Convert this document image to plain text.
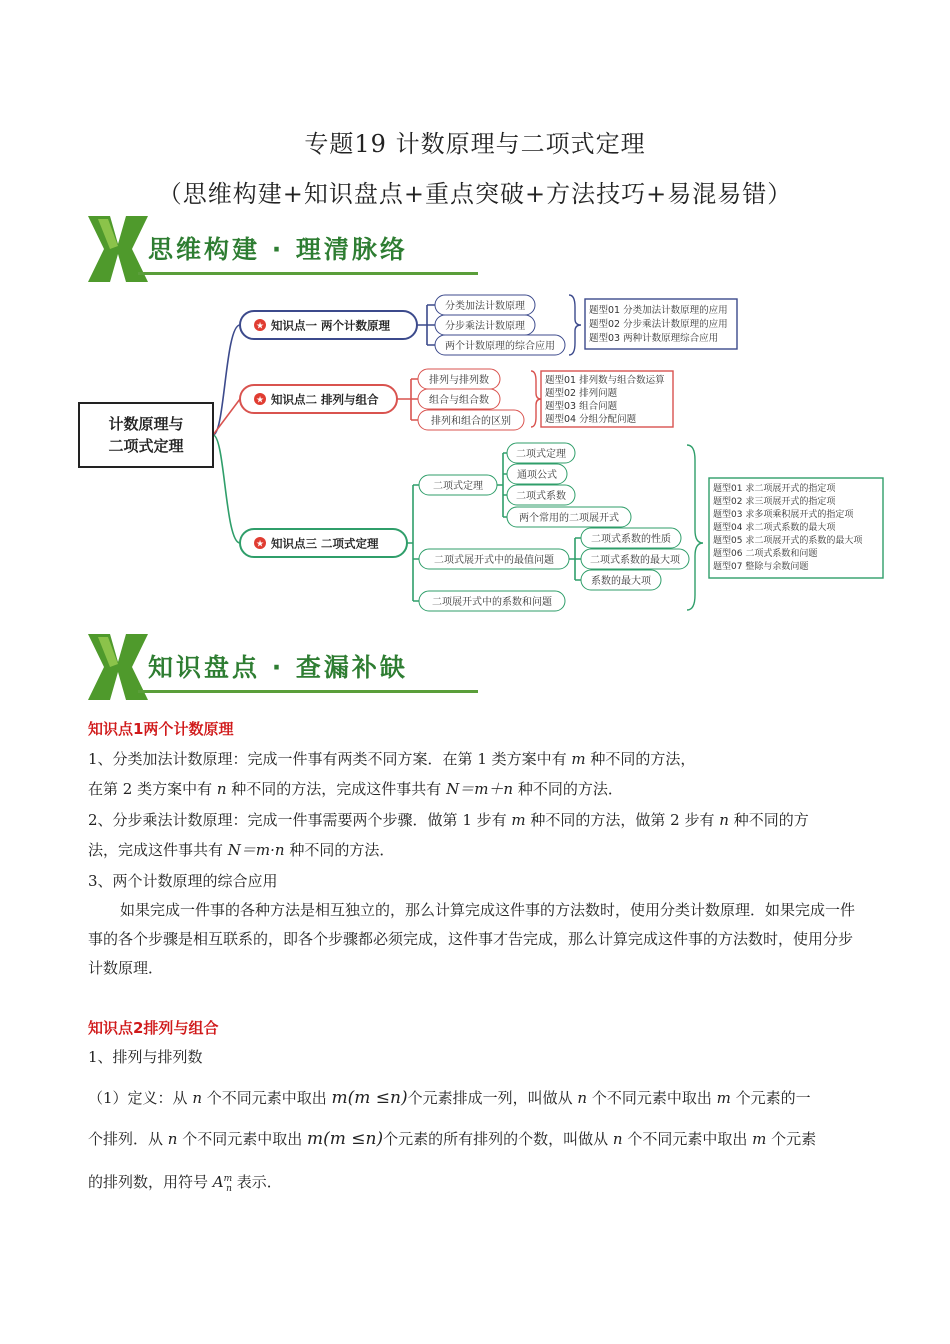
专题19 计数原理与二项式定理
（思维构建+知识盘点+重点突破+方法技巧+易混易错）
思维构建 · 理清脉络
计数原理与
二项式定理
★ 知识点一 两个计数原理
分类加法计数原理
分步乘法计数原理
两个计数原理的综合应用
题型01 分类加法计数原理的应用
题型02 分步乘法计数原理的应用
题型03 两种计数原理综合应用
★ 知识点二 排列与组合
排列与排列数
组合与组合数
排列和组合的区别
题型01 排列数与组合数运算
题型02 排列问题
题型03 组合问题
题型04 分组分配问题
★ 知识点三 二项式定理
二项式定理
二项式展开式中的最值问题
二项展开式中的系数和问题
二项式定理
通项公式
二项式系数
两个常用的二项展开式
二项式系数的性质
二项式系数的最大项
系数的最大项
题型01 求二项展开式的指定项
题型02 求三项展开式的指定项
题型03 求多项乘积展开式的指定项
题型04 求二项式系数的最大项
题型05 求二项展开式的系数的最大项
题型06 二项式系数和问题
题型07 整除与余数问题
知识盘点 · 查漏补缺
知识点1两个计数原理
1、分类加法计数原理：完成一件事有两类不同方案．在第 1 类方案中有 m 种不同的方法，
在第 2 类方案中有 n 种不同的方法，完成这件事共有 N＝m＋n 种不同的方法．
2、分步乘法计数原理：完成一件事需要两个步骤．做第 1 步有 m 种不同的方法，做第 2 步有 n 种不同的方
法，完成这件事共有 N＝m·n 种不同的方法．
3、两个计数原理的综合应用
如果完成一件事的各种方法是相互独立的，那么计算完成这件事的方法数时，使用分类计数原理．如果完成一件事的各个步骤是相互联系的，即各个步骤都必须完成，这件事才告完成，那么计算完成这件事的方法数时，使用分步计数原理．
知识点2排列与组合
1、排列与排列数
（1）定义：从 n 个不同元素中取出 m(m ≤n)个元素排成一列，叫做从 n 个不同元素中取出 m 个元素的一
个排列．从 n 个不同元素中取出 m(m ≤n)个元素的所有排列的个数，叫做从 n 个不同元素中取出 m 个元素
的排列数，用符号 $A^m_n$ 表示．
